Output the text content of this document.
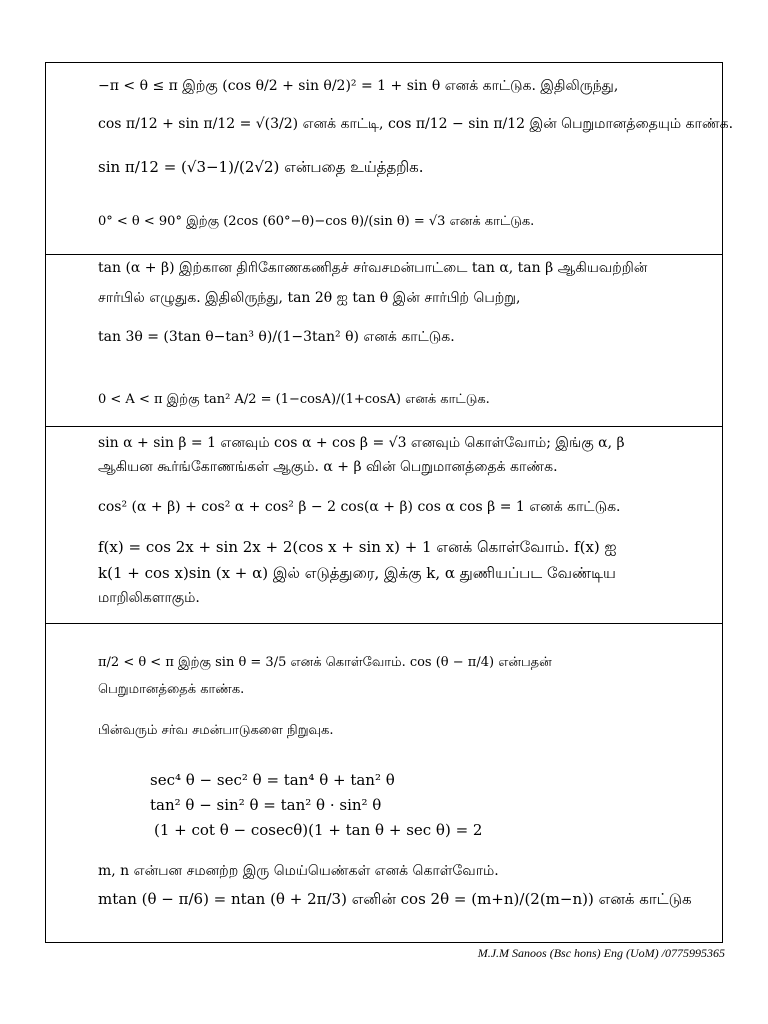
−π < θ ≤ π இற்கு (cos θ/2 + sin θ/2)² = 1 + sin θ எனக் காட்டுக. இதிலிருந்து,
cos π/12 + sin π/12 = √(3/2) எனக் காட்டி, cos π/12 − sin π/12 இன் பெறுமானத்தையும் காண்க.
sin π/12 = (√3−1)/(2√2) என்பதை உய்த்தறிக.
0° < θ < 90° இற்கு (2cos (60°−θ)−cos θ)/(sin θ) = √3 எனக் காட்டுக.
tan (α + β) இற்கான திரிகோணகணிதச் சர்வசமன்பாட்டை tan α, tan β ஆகியவற்றின்
சார்பில் எழுதுக. இதிலிருந்து, tan 2θ ஐ tan θ இன் சார்பிற் பெற்று,
tan 3θ = (3tan θ−tan³ θ)/(1−3tan² θ) எனக் காட்டுக.
0 < A < π இற்கு tan² A/2 = (1−cosA)/(1+cosA) எனக் காட்டுக.
sin α + sin β = 1 எனவும் cos α + cos β = √3 எனவும் கொள்வோம்; இங்கு α, β
ஆகியன கூர்ங்கோணங்கள் ஆகும். α + β வின் பெறுமானத்தைக் காண்க.
cos² (α + β) + cos² α + cos² β − 2 cos(α + β) cos α cos β = 1 எனக் காட்டுக.
f(x) = cos 2x + sin 2x + 2(cos x + sin x) + 1 எனக் கொள்வோம். f(x) ஐ
k(1 + cos x)sin (x + α) இல் எடுத்துரை, இக்கு k, α துணியப்பட வேண்டிய
மாறிலிகளாகும்.
π/2 < θ < π இற்கு sin θ = 3/5 எனக் கொள்வோம். cos (θ − π/4) என்பதன்
பெறுமானத்தைக் காண்க.
பின்வரும் சர்வ சமன்பாடுகளை நிறுவுக.
sec⁴ θ − sec² θ = tan⁴ θ + tan² θ
tan² θ − sin² θ = tan² θ · sin² θ
(1 + cot θ − cosecθ)(1 + tan θ + sec θ) = 2
m, n என்பன சமனற்ற இரு மெய்யெண்கள் எனக் கொள்வோம்.
mtan (θ − π/6) = ntan (θ + 2π/3) எனின் cos 2θ = (m+n)/(2(m−n)) எனக் காட்டுக
M.J.M Sanoos (Bsc hons) Eng (UoM) /0775995365
